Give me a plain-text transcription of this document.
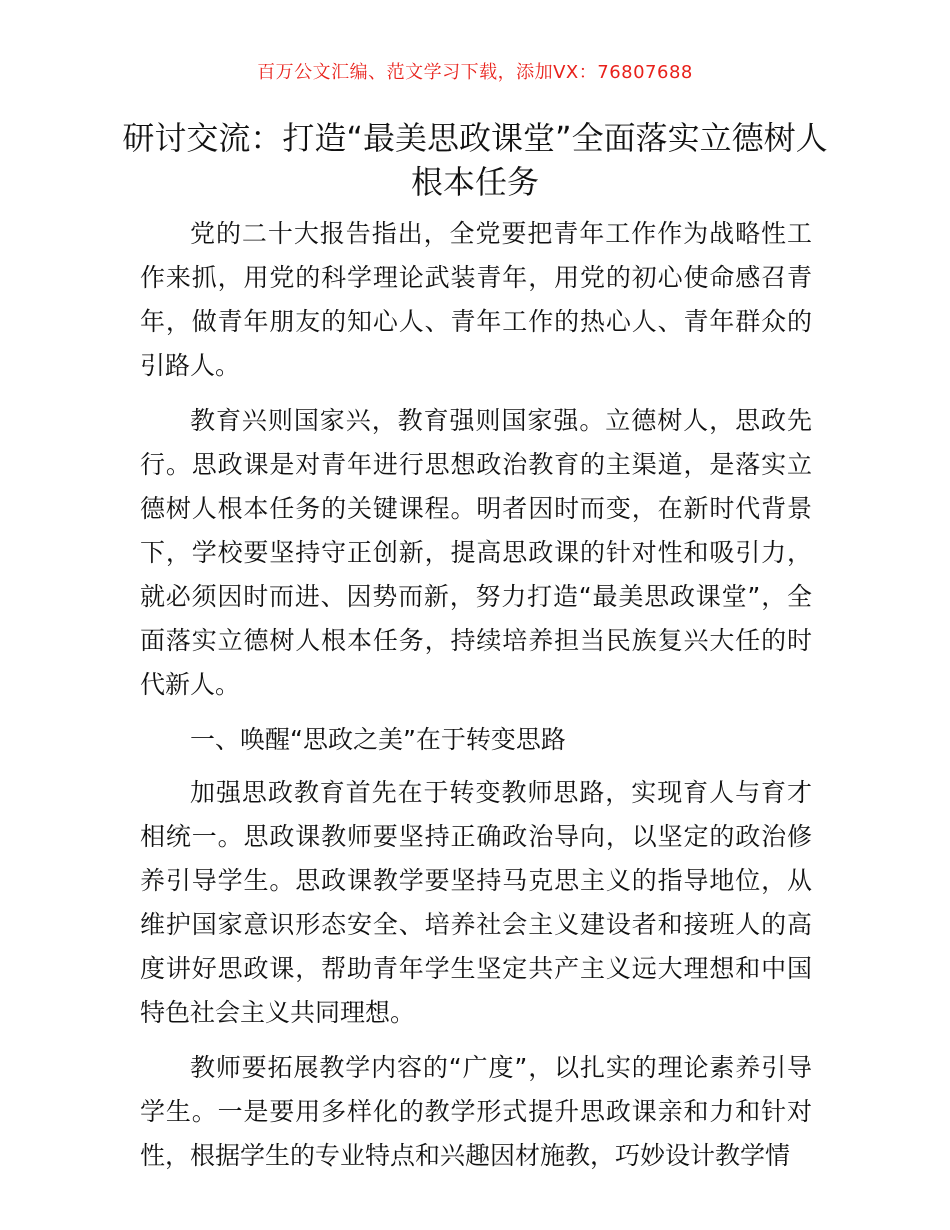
百万公文汇编、范文学习下载，添加VX：76807688
研讨交流：打造“最美思政课堂”全面落实立德树人根本任务

党的二十大报告指出，全党要把青年工作作为战略性工作来抓，用党的科学理论武装青年，用党的初心使命感召青年，做青年朋友的知心人、青年工作的热心人、青年群众的引路人。

教育兴则国家兴，教育强则国家强。立德树人，思政先行。思政课是对青年进行思想政治教育的主渠道，是落实立德树人根本任务的关键课程。明者因时而变，在新时代背景下，学校要坚持守正创新，提高思政课的针对性和吸引力，就必须因时而进、因势而新，努力打造“最美思政课堂”，全面落实立德树人根本任务，持续培养担当民族复兴大任的时代新人。

一、唤醒“思政之美”在于转变思路

加强思政教育首先在于转变教师思路，实现育人与育才相统一。思政课教师要坚持正确政治导向，以坚定的政治修养引导学生。思政课教学要坚持马克思主义的指导地位，从维护国家意识形态安全、培养社会主义建设者和接班人的高度讲好思政课，帮助青年学生坚定共产主义远大理想和中国特色社会主义共同理想。

教师要拓展教学内容的“广度”，以扎实的理论素养引导学生。一是要用多样化的教学形式提升思政课亲和力和针对性，根据学生的专业特点和兴趣因材施教，巧妙设计教学情
